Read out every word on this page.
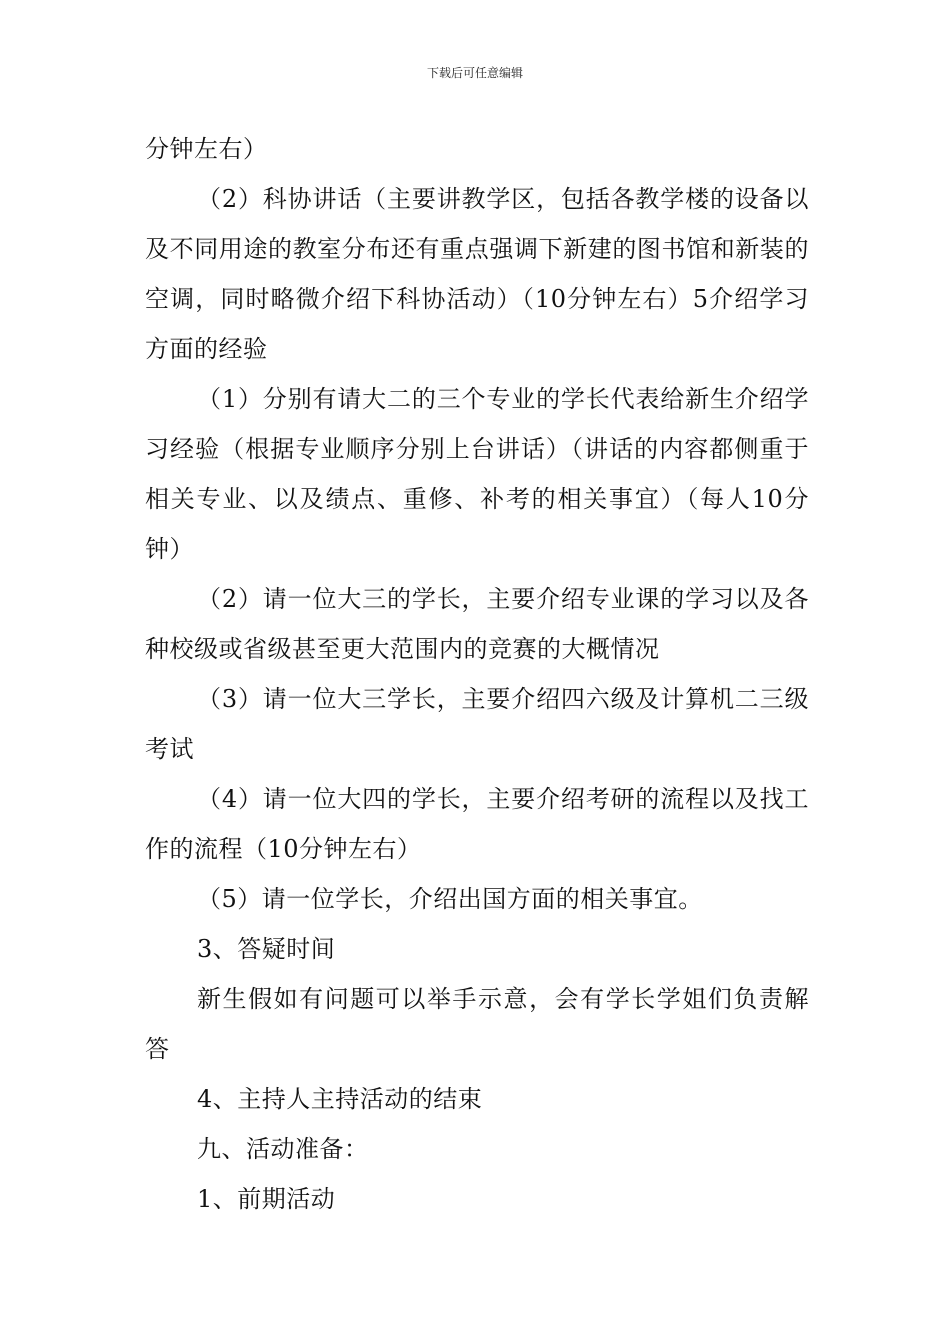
下载后可任意编辑

分钟左右）

（2）科协讲话（主要讲教学区，包括各教学楼的设备以及不同用途的教室分布还有重点强调下新建的图书馆和新装的空调，同时略微介绍下科协活动）（10分钟左右）5介绍学习方面的经验

（1）分别有请大二的三个专业的学长代表给新生介绍学习经验（根据专业顺序分别上台讲话）（讲话的内容都侧重于相关专业、以及绩点、重修、补考的相关事宜）（每人10分钟）

（2）请一位大三的学长，主要介绍专业课的学习以及各种校级或省级甚至更大范围内的竞赛的大概情况

（3）请一位大三学长，主要介绍四六级及计算机二三级考试

（4）请一位大四的学长，主要介绍考研的流程以及找工作的流程（10分钟左右）

（5）请一位学长，介绍出国方面的相关事宜。

3、答疑时间

新生假如有问题可以举手示意，会有学长学姐们负责解答

4、主持人主持活动的结束

九、活动准备：

1、前期活动
